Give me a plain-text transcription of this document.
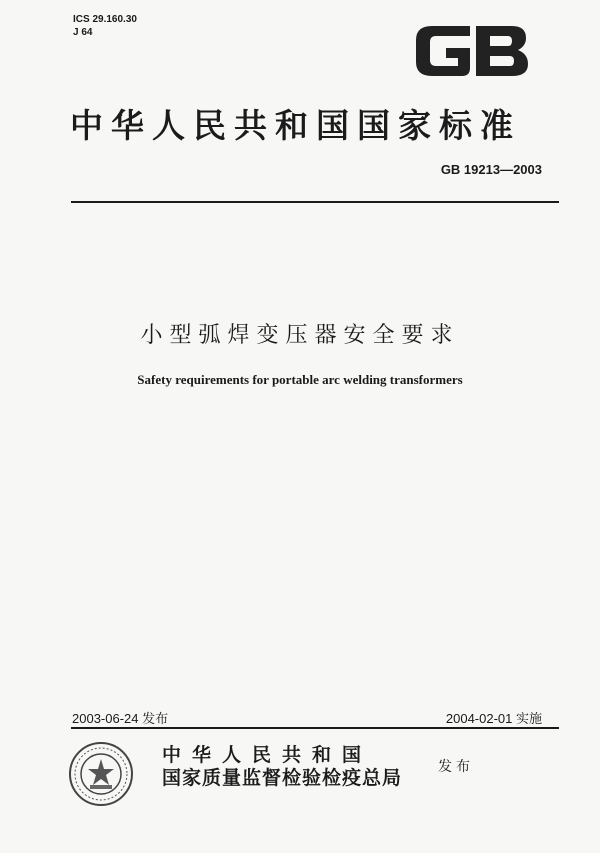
ICS 29.160.30
J 64
中华人民共和国国家标准
GB 19213—2003
小型弧焊变压器安全要求
Safety requirements for portable arc welding transformers
2003-06-24 发布	2004-02-01 实施
中华人民共和国
国家质量监督检验检疫总局	发布
